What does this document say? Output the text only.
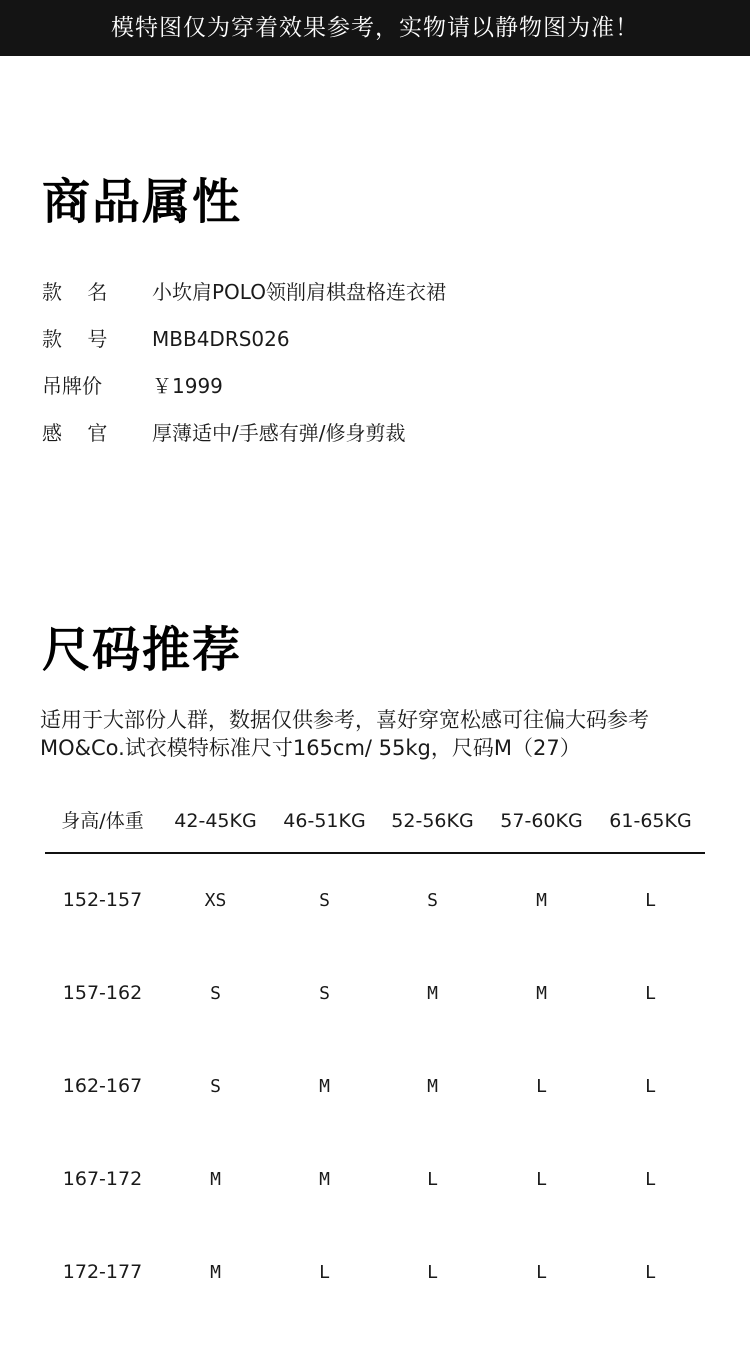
模特图仅为穿着效果参考，实物请以静物图为准！
商品属性
款    名	小坎肩POLO领削肩棋盘格连衣裙
款    号	MBB4DRS026
吊牌价	￥1999
感    官	厚薄适中/手感有弹/修身剪裁
尺码推荐
适用于大部份人群，数据仅供参考，喜好穿宽松感可往偏大码参考
MO&Co.试衣模特标准尺寸165cm/ 55kg，尺码M（27）
身高/体重	42-45KG	46-51KG	52-56KG	57-60KG	61-65KG
152-157	XS	S	S	M	L
157-162	S	S	M	M	L
162-167	S	M	M	L	L
167-172	M	M	L	L	L
172-177	M	L	L	L	L
